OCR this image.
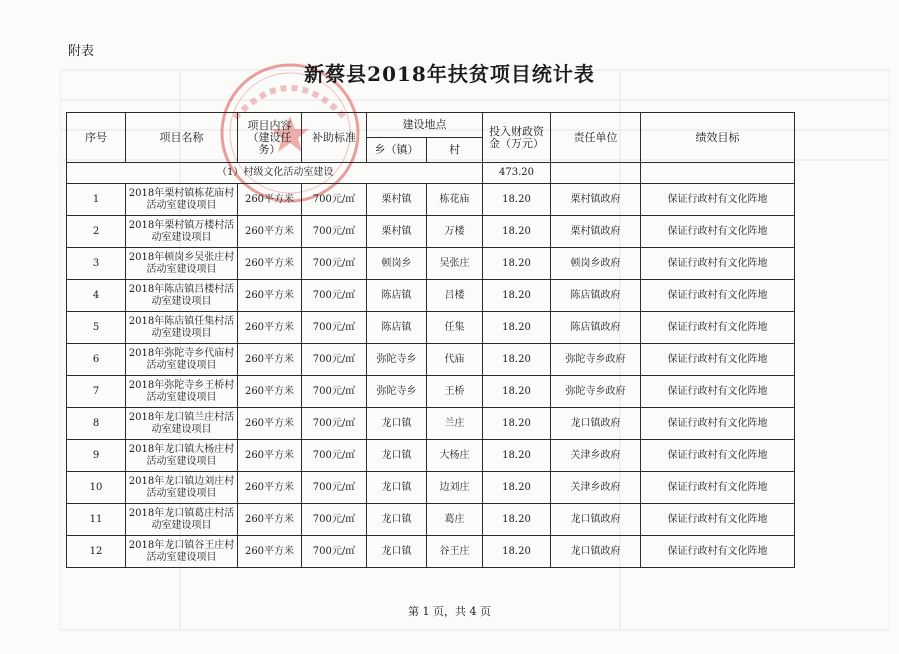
附表
新蔡县2018年扶贫项目统计表
序号	项目名称	项目内容（建设任务）	补助标准	建设地点		投入财政资金（万元）	责任单位	绩效目标
				乡（镇）	村			
（1）村级文化活动室建设						473.20		
1	2018年栗村镇栋花庙村活动室建设项目	260平方米	700元/㎡	栗村镇	栋花庙	18.20	栗村镇政府	保证行政村有文化阵地
2	2018年栗村镇万楼村活动室建设项目	260平方米	700元/㎡	栗村镇	万楼	18.20	栗村镇政府	保证行政村有文化阵地
3	2018年顿岗乡吴张庄村活动室建设项目	260平方米	700元/㎡	顿岗乡	吴张庄	18.20	顿岗乡政府	保证行政村有文化阵地
4	2018年陈店镇吕楼村活动室建设项目	260平方米	700元/㎡	陈店镇	吕楼	18.20	陈店镇政府	保证行政村有文化阵地
5	2018年陈店镇任集村活动室建设项目	260平方米	700元/㎡	陈店镇	任集	18.20	陈店镇政府	保证行政村有文化阵地
6	2018年弥陀寺乡代庙村活动室建设项目	260平方米	700元/㎡	弥陀寺乡	代庙	18.20	弥陀寺乡政府	保证行政村有文化阵地
7	2018年弥陀寺乡王桥村活动室建设项目	260平方米	700元/㎡	弥陀寺乡	王桥	18.20	弥陀寺乡政府	保证行政村有文化阵地
8	2018年龙口镇兰庄村活动室建设项目	260平方米	700元/㎡	龙口镇	兰庄	18.20	龙口镇政府	保证行政村有文化阵地
9	2018年龙口镇大杨庄村活动室建设项目	260平方米	700元/㎡	龙口镇	大杨庄	18.20	关津乡政府	保证行政村有文化阵地
10	2018年龙口镇边刘庄村活动室建设项目	260平方米	700元/㎡	龙口镇	边刘庄	18.20	关津乡政府	保证行政村有文化阵地
11	2018年龙口镇葛庄村活动室建设项目	260平方米	700元/㎡	龙口镇	葛庄	18.20	龙口镇政府	保证行政村有文化阵地
12	2018年龙口镇谷王庄村活动室建设项目	260平方米	700元/㎡	龙口镇	谷王庄	18.20	龙口镇政府	保证行政村有文化阵地
第 1 页，共 4 页
